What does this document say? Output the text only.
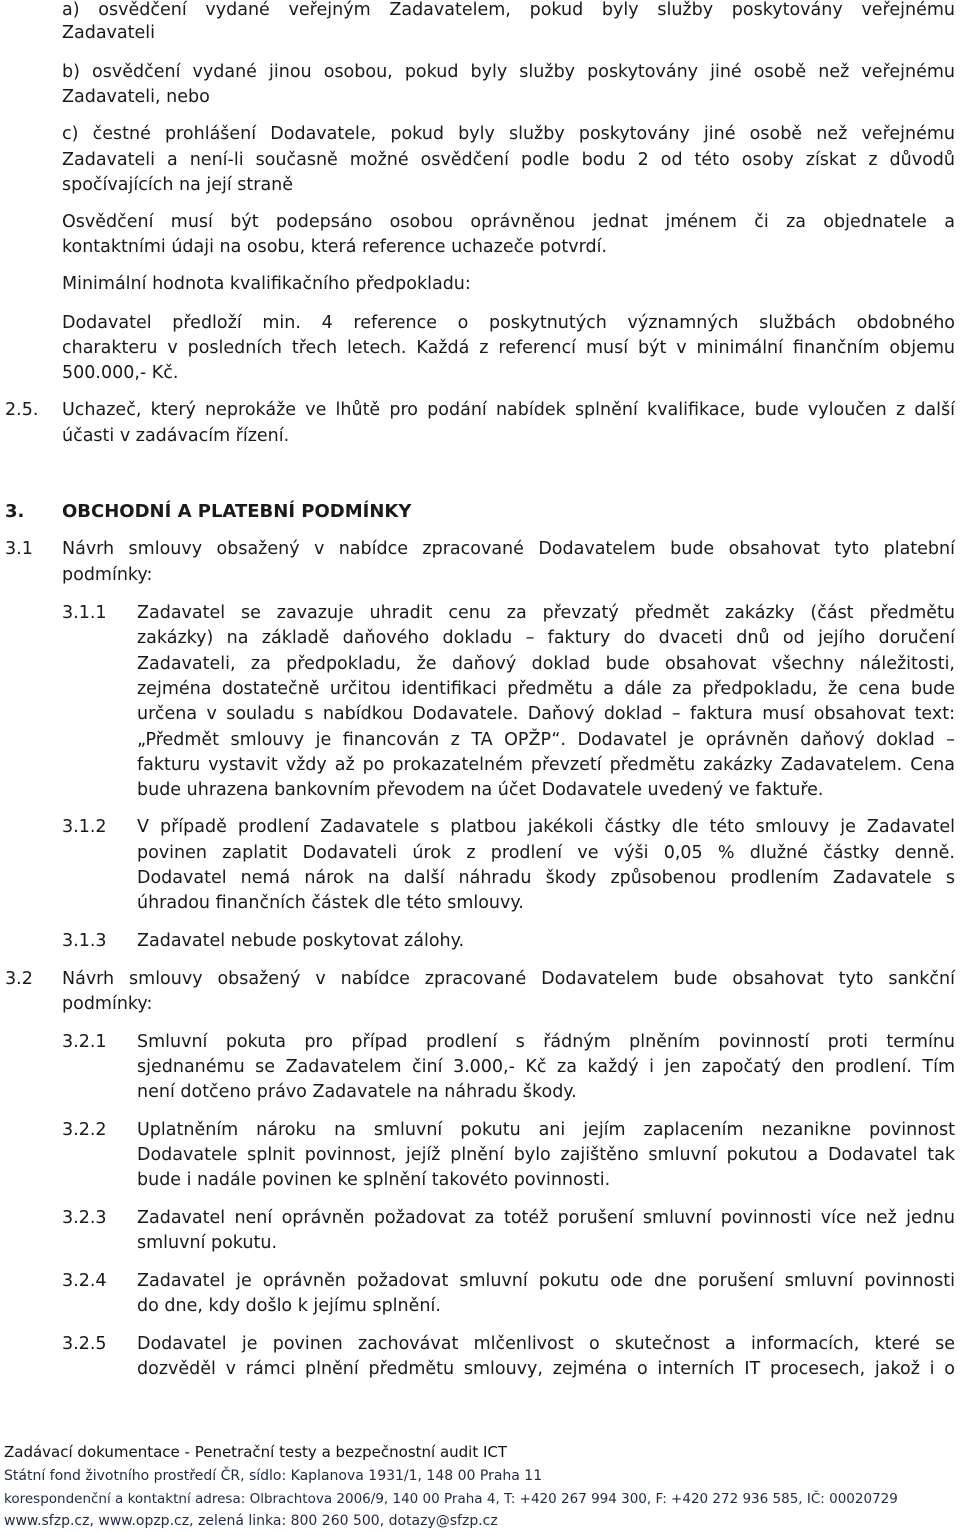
a) osvědčení vydané veřejným Zadavatelem, pokud byly služby poskytovány veřejnému
Zadavateli
b) osvědčení vydané jinou osobou, pokud byly služby poskytovány jiné osobě než veřejnému
Zadavateli, nebo
c) čestné prohlášení Dodavatele, pokud byly služby poskytovány jiné osobě než veřejnému
Zadavateli a není-li současně možné osvědčení podle bodu 2 od této osoby získat z důvodů
spočívajících na její straně
Osvědčení musí být podepsáno osobou oprávněnou jednat jménem či za objednatele a
kontaktními údaji na osobu, která reference uchazeče potvrdí.
Minimální hodnota kvalifikačního předpokladu:
Dodavatel předloží min. 4 reference o poskytnutých významných službách obdobného
charakteru v posledních třech letech. Každá z referencí musí být v minimální finančním objemu
500.000,- Kč.
2.5. Uchazeč, který neprokáže ve lhůtě pro podání nabídek splnění kvalifikace, bude vyloučen z další
účasti v zadávacím řízení.
3. OBCHODNÍ A PLATEBNÍ PODMÍNKY
3.1 Návrh smlouvy obsažený v nabídce zpracované Dodavatelem bude obsahovat tyto platební
podmínky:
3.1.1 Zadavatel se zavazuje uhradit cenu za převzatý předmět zakázky (část předmětu
zakázky) na základě daňového dokladu – faktury do dvaceti dnů od jejího doručení
Zadavateli, za předpokladu, že daňový doklad bude obsahovat všechny náležitosti,
zejména dostatečně určitou identifikaci předmětu a dále za předpokladu, že cena bude
určena v souladu s nabídkou Dodavatele. Daňový doklad – faktura musí obsahovat text:
„Předmět smlouvy je financován z TA OPŽP“. Dodavatel je oprávněn daňový doklad –
fakturu vystavit vždy až po prokazatelném převzetí předmětu zakázky Zadavatelem. Cena
bude uhrazena bankovním převodem na účet Dodavatele uvedený ve faktuře.
3.1.2 V případě prodlení Zadavatele s platbou jakékoli částky dle této smlouvy je Zadavatel
povinen zaplatit Dodavateli úrok z prodlení ve výši 0,05 % dlužné částky denně.
Dodavatel nemá nárok na další náhradu škody způsobenou prodlením Zadavatele s
úhradou finančních částek dle této smlouvy.
3.1.3 Zadavatel nebude poskytovat zálohy.
3.2 Návrh smlouvy obsažený v nabídce zpracované Dodavatelem bude obsahovat tyto sankční
podmínky:
3.2.1 Smluvní pokuta pro případ prodlení s řádným plněním povinností proti termínu
sjednanému se Zadavatelem činí 3.000,- Kč za každý i jen započatý den prodlení. Tím
není dotčeno právo Zadavatele na náhradu škody.
3.2.2 Uplatněním nároku na smluvní pokutu ani jejím zaplacením nezanikne povinnost
Dodavatele splnit povinnost, jejíž plnění bylo zajištěno smluvní pokutou a Dodavatel tak
bude i nadále povinen ke splnění takovéto povinnosti.
3.2.3 Zadavatel není oprávněn požadovat za totéž porušení smluvní povinnosti více než jednu
smluvní pokutu.
3.2.4 Zadavatel je oprávněn požadovat smluvní pokutu ode dne porušení smluvní povinnosti
do dne, kdy došlo k jejímu splnění.
3.2.5 Dodavatel je povinen zachovávat mlčenlivost o skutečnost a informacích, které se
dozvěděl v rámci plnění předmětu smlouvy, zejména o interních IT procesech, jakož i o
Zadávací dokumentace - Penetrační testy a bezpečnostní audit ICT
Státní fond životního prostředí ČR, sídlo: Kaplanova 1931/1, 148 00 Praha 11
korespondenční a kontaktní adresa: Olbrachtova 2006/9, 140 00 Praha 4, T: +420 267 994 300, F: +420 272 936 585, IČ: 00020729
www.sfzp.cz, www.opzp.cz, zelená linka: 800 260 500, dotazy@sfzp.cz
